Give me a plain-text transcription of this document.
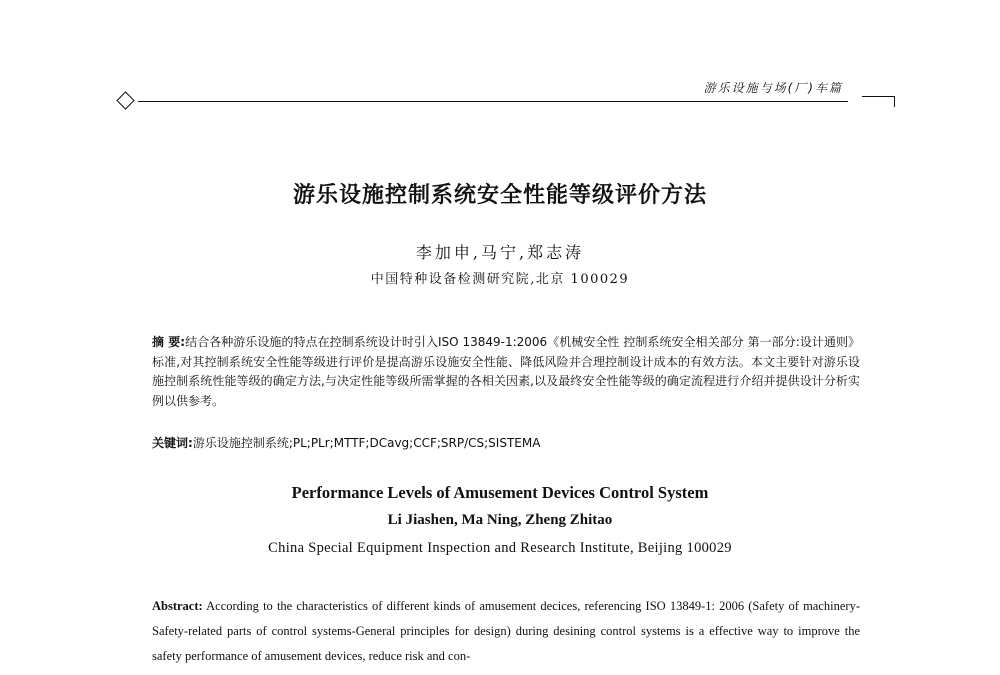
游乐设施与场(厂)车篇
游乐设施控制系统安全性能等级评价方法
李加申,马宁,郑志涛
中国特种设备检测研究院,北京 100029
摘 要:结合各种游乐设施的特点在控制系统设计时引入ISO 13849-1:2006《机械安全性 控制系统安全相关部分 第一部分:设计通则》标准,对其控制系统安全性能等级进行评价是提高游乐设施安全性能、降低风险并合理控制设计成本的有效方法。本文主要针对游乐设施控制系统性能等级的确定方法,与决定性能等级所需掌握的各相关因素,以及最终安全性能等级的确定流程进行介绍并提供设计分析实例以供参考。
关键词:游乐设施控制系统;PL;PLr;MTTF;DCavg;CCF;SRP/CS;SISTEMA
Performance Levels of Amusement Devices Control System
Li Jiashen, Ma Ning, Zheng Zhitao
China Special Equipment Inspection and Research Institute, Beijing 100029
Abstract: According to the characteristics of different kinds of amusement decices, referencing ISO 13849-1: 2006 (Safety of machinery-Safety-related parts of control systems-General principles for design) during desining control systems is a effective way to improve the safety performance of amusement devices, reduce risk and con-
